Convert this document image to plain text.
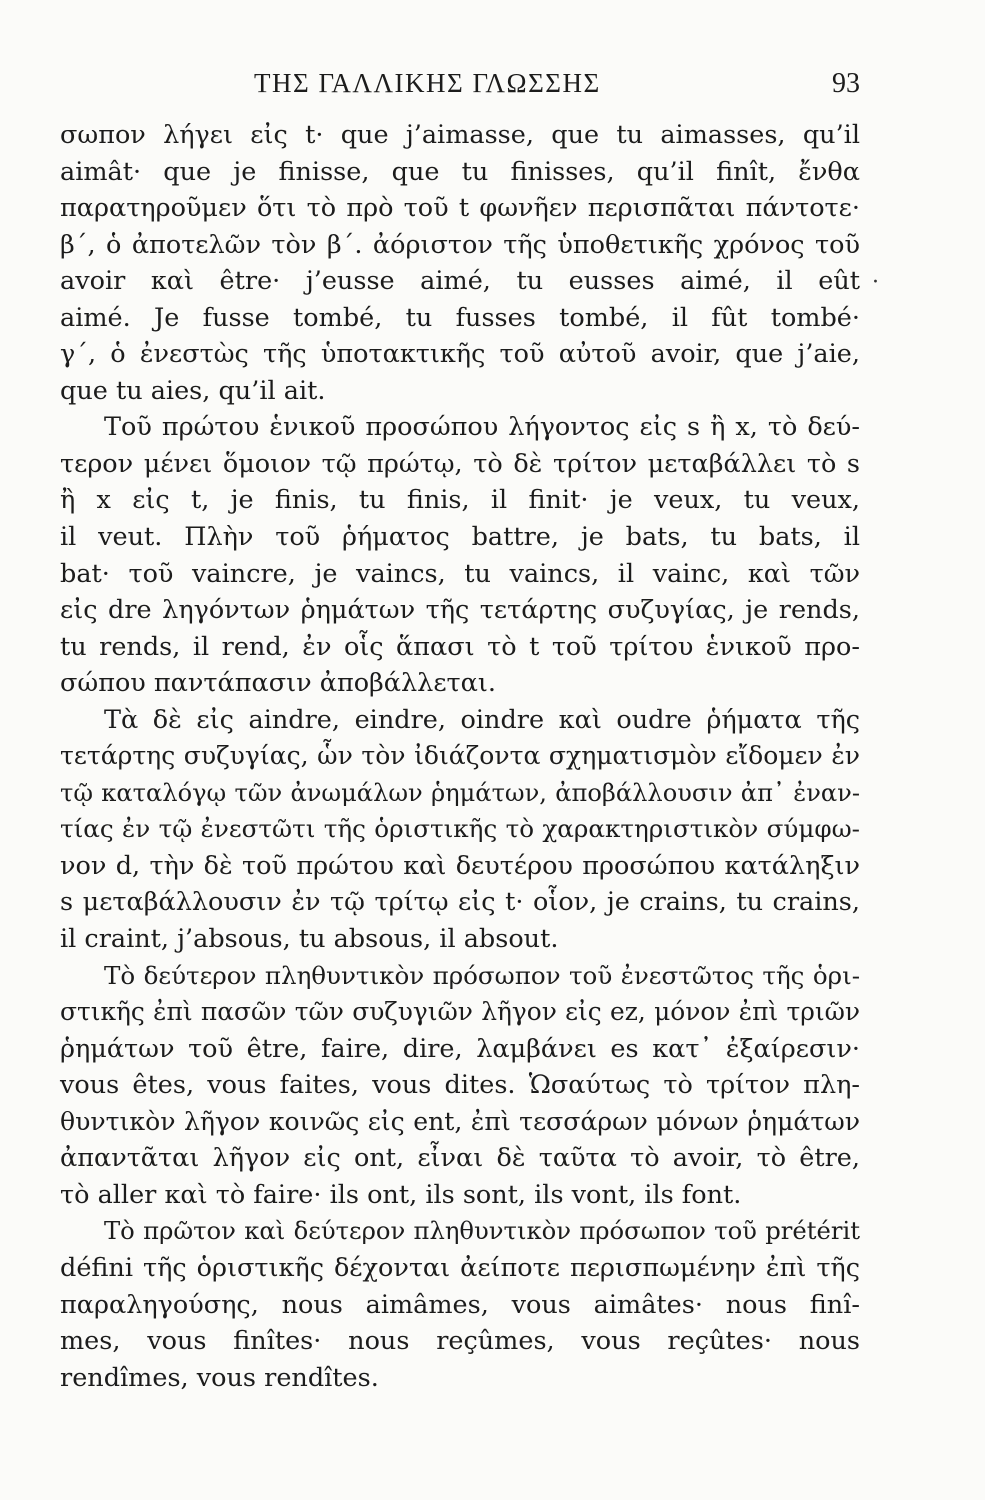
ΤΗΣ ΓΑΛΛΙΚΗΣ ΓΛΩΣΣΗΣ	93
·
σωπον λήγει εἰς t· que j’aimasse, que tu aimasses, qu’il
aimât· que je finisse, que tu finisses, qu’il finît, ἔνθα
παρατηροῦμεν ὅτι τὸ πρὸ τοῦ t φωνῆεν περισπᾶται πάντοτε·
β΄, ὁ ἀποτελῶν τὸν β΄. ἀόριστον τῆς ὑποθετικῆς χρόνος τοῦ
avoir καὶ être· j’eusse aimé, tu eusses aimé, il eût
aimé. Je fusse tombé, tu fusses tombé, il fût tombé·
γ΄, ὁ ἐνεστὼς τῆς ὑποτακτικῆς τοῦ αὐτοῦ avoir, que j’aie,
que tu aies, qu’il ait.
Τοῦ πρώτου ἑνικοῦ προσώπου λήγοντος εἰς s ἢ x, τὸ δεύ-
τερον μένει ὅμοιον τῷ πρώτῳ, τὸ δὲ τρίτον μεταβάλλει τὸ s
ἢ x εἰς t, je finis, tu finis, il finit· je veux, tu veux,
il veut. Πλὴν τοῦ ῥήματος battre, je bats, tu bats, il
bat· τοῦ vaincre, je vaincs, tu vaincs, il vainc, καὶ τῶν
εἰς dre ληγόντων ῥημάτων τῆς τετάρτης συζυγίας, je rends,
tu rends, il rend, ἐν οἷς ἅπασι τὸ t τοῦ τρίτου ἑνικοῦ προ-
σώπου παντάπασιν ἀποβάλλεται.
Τὰ δὲ εἰς aindre, eindre, oindre καὶ oudre ῥήματα τῆς
τετάρτης συζυγίας, ὧν τὸν ἰδιάζοντα σχηματισμὸν εἴδομεν ἐν
τῷ καταλόγῳ τῶν ἀνωμάλων ῥημάτων, ἀποβάλλουσιν ἀπ᾿ ἐναν-
τίας ἐν τῷ ἐνεστῶτι τῆς ὁριστικῆς τὸ χαρακτηριστικὸν σύμφω-
νον d, τὴν δὲ τοῦ πρώτου καὶ δευτέρου προσώπου κατάληξιν
s μεταβάλλουσιν ἐν τῷ τρίτῳ εἰς t· οἷον, je crains, tu crains,
il craint, j’absous, tu absous, il absout.
Τὸ δεύτερον πληθυντικὸν πρόσωπον τοῦ ἐνεστῶτος τῆς ὁρι-
στικῆς ἐπὶ πασῶν τῶν συζυγιῶν λῆγον εἰς ez, μόνον ἐπὶ τριῶν
ῥημάτων τοῦ être, faire, dire, λαμβάνει es κατ᾿ ἐξαίρεσιν·
vous êtes, vous faites, vous dites. Ὡσαύτως τὸ τρίτον πλη-
θυντικὸν λῆγον κοινῶς εἰς ent, ἐπὶ τεσσάρων μόνων ῥημάτων
ἀπαντᾶται λῆγον εἰς ont, εἶναι δὲ ταῦτα τὸ avoir, τὸ être,
τὸ aller καὶ τὸ faire· ils ont, ils sont, ils vont, ils font.
Τὸ πρῶτον καὶ δεύτερον πληθυντικὸν πρόσωπον τοῦ prétérit
défini τῆς ὁριστικῆς δέχονται ἀείποτε περισπωμένην ἐπὶ τῆς
παραληγούσης, nous aimâmes, vous aimâtes· nous finî-
mes, vous finîtes· nous reçûmes, vous reçûtes· nous
rendîmes, vous rendîtes.
